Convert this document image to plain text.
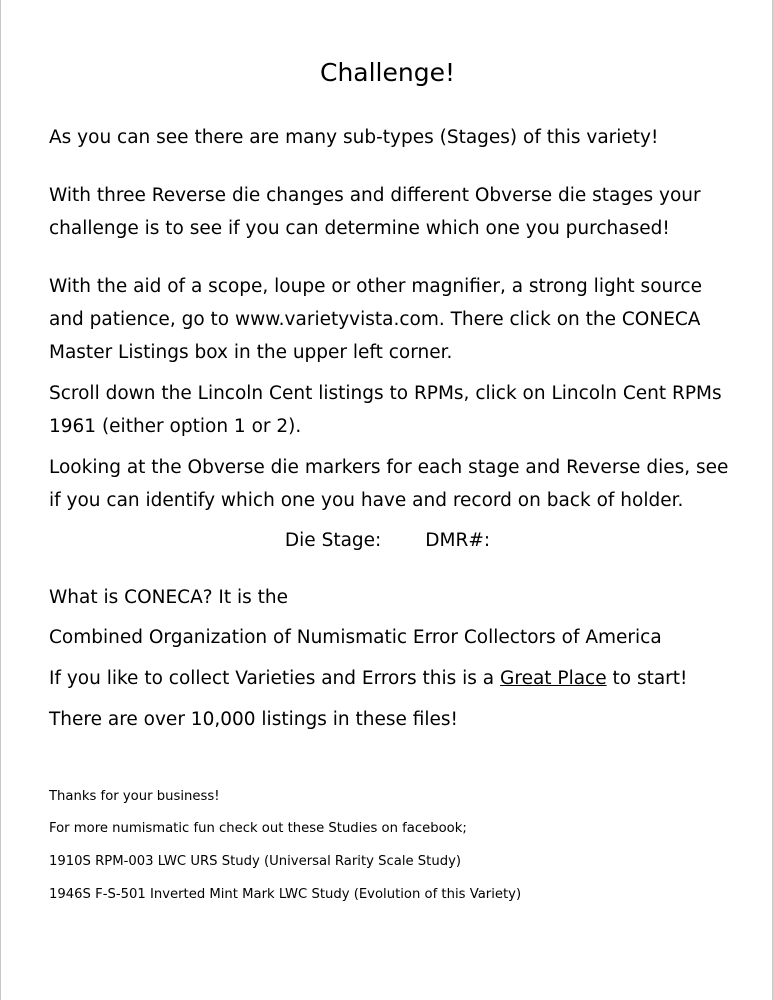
Challenge!
As you can see there are many sub-types (Stages) of this variety!
With three Reverse die changes and different Obverse die stages your
challenge is to see if you can determine which one you purchased!
With the aid of a scope, loupe or other magnifier, a strong light source
and patience, go to www.varietyvista.com. There click on the CONECA
Master Listings box in the upper left corner.
Scroll down the Lincoln Cent listings to RPMs, click on Lincoln Cent RPMs
1961 (either option 1 or 2).
Looking at the Obverse die markers for each stage and Reverse dies, see
if you can identify which one you have and record on back of holder.
Die Stage: DMR#:
What is CONECA? It is the
Combined Organization of Numismatic Error Collectors of America
If you like to collect Varieties and Errors this is a Great Place to start!
There are over 10,000 listings in these files!
Thanks for your business!
For more numismatic fun check out these Studies on facebook;
1910S RPM-003 LWC URS Study (Universal Rarity Scale Study)
1946S F-S-501 Inverted Mint Mark LWC Study (Evolution of this Variety)
